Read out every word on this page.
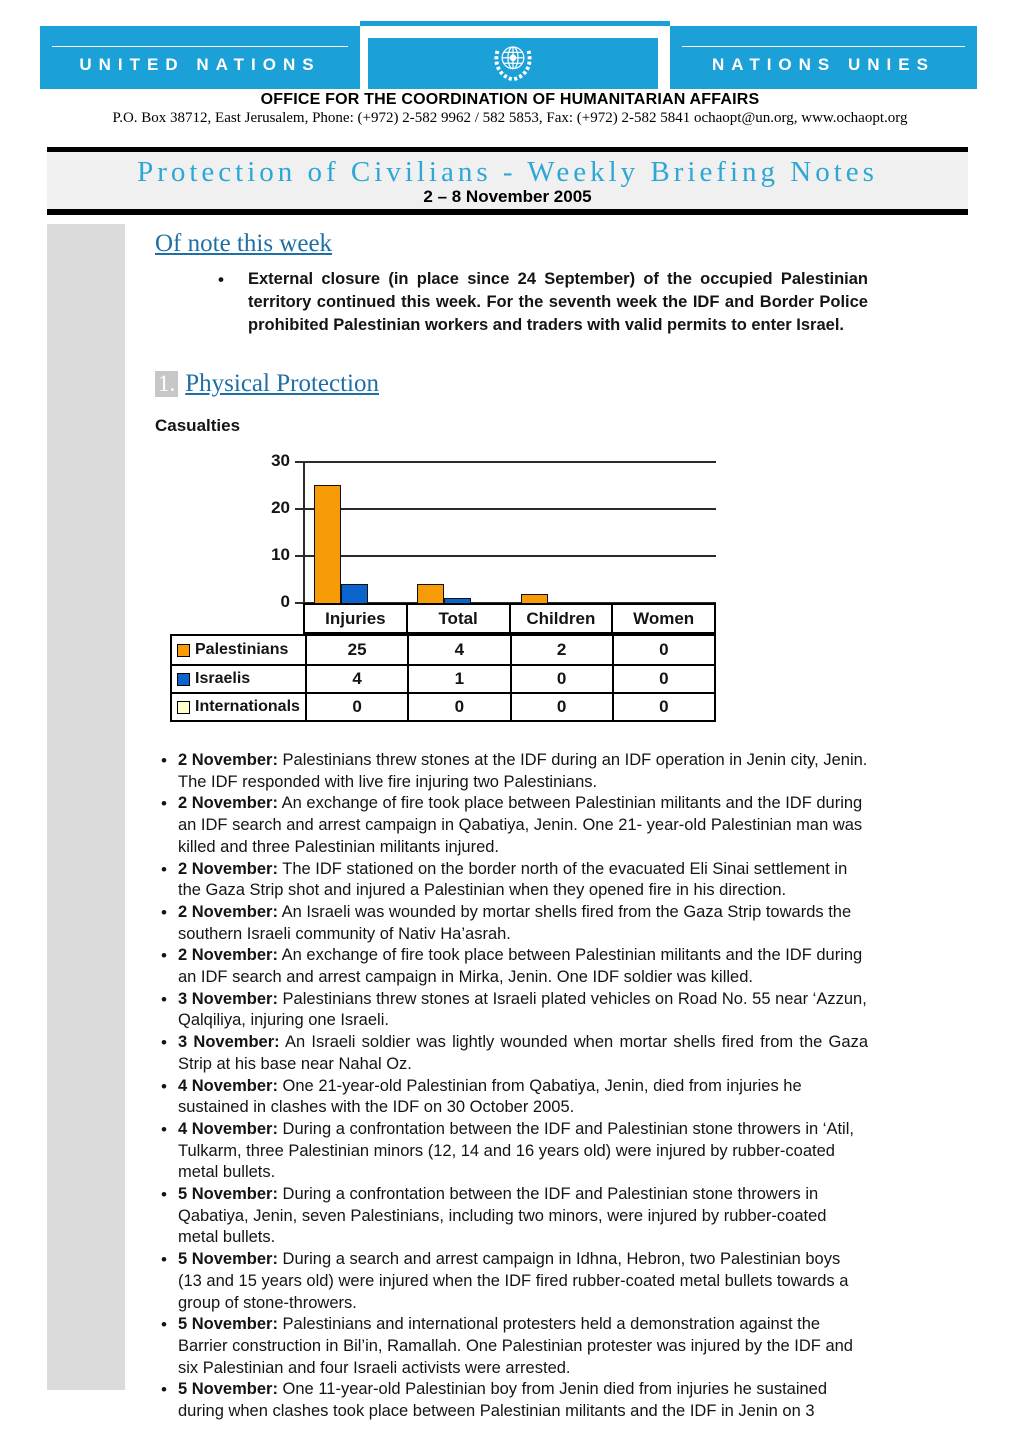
UNITED NATIONS	NATIONS UNIES
OFFICE FOR THE COORDINATION OF HUMANITARIAN AFFAIRS
P.O. Box 38712, East Jerusalem, Phone: (+972) 2-582 9962 / 582 5853, Fax: (+972) 2-582 5841 ochaopt@un.org, www.ochaopt.org
Protection of Civilians - Weekly Briefing Notes
2 – 8 November 2005
Of note this week
• External closure (in place since 24 September) of the occupied Palestinian territory continued this week. For the seventh week the IDF and Border Police prohibited Palestinian workers and traders with valid permits to enter Israel.
1. Physical Protection
Casualties
0
10
20
30
Injuries	Total	Children	Women
Palestinians	25	4	2	0
Israelis	4	1	0	0
Internationals	0	0	0	0
• 2 November: Palestinians threw stones at the IDF during an IDF operation in Jenin city, Jenin. The IDF responded with live fire injuring two Palestinians.
• 2 November: An exchange of fire took place between Palestinian militants and the IDF during an IDF search and arrest campaign in Qabatiya, Jenin. One 21- year-old Palestinian man was killed and three Palestinian militants injured.
• 2 November: The IDF stationed on the border north of the evacuated Eli Sinai settlement in the Gaza Strip shot and injured a Palestinian when they opened fire in his direction.
• 2 November: An Israeli was wounded by mortar shells fired from the Gaza Strip towards the southern Israeli community of Nativ Ha’asrah.
• 2 November: An exchange of fire took place between Palestinian militants and the IDF during an IDF search and arrest campaign in Mirka, Jenin. One IDF soldier was killed.
• 3 November: Palestinians threw stones at Israeli plated vehicles on Road No. 55 near ‘Azzun, Qalqiliya, injuring one Israeli.
• 3 November: An Israeli soldier was lightly wounded when mortar shells fired from the Gaza Strip at his base near Nahal Oz.
• 4 November: One 21-year-old Palestinian from Qabatiya, Jenin, died from injuries he sustained in clashes with the IDF on 30 October 2005.
• 4 November: During a confrontation between the IDF and Palestinian stone throwers in ‘Atil, Tulkarm, three Palestinian minors (12, 14 and 16 years old) were injured by rubber-coated metal bullets.
• 5 November: During a confrontation between the IDF and Palestinian stone throwers in Qabatiya, Jenin, seven Palestinians, including two minors, were injured by rubber-coated metal bullets.
• 5 November: During a search and arrest campaign in Idhna, Hebron, two Palestinian boys (13 and 15 years old) were injured when the IDF fired rubber-coated metal bullets towards a group of stone-throwers.
• 5 November: Palestinians and international protesters held a demonstration against the Barrier construction in Bil’in, Ramallah. One Palestinian protester was injured by the IDF and six Palestinian and four Israeli activists were arrested.
• 5 November: One 11-year-old Palestinian boy from Jenin died from injuries he sustained during when clashes took place between Palestinian militants and the IDF in Jenin on 3
